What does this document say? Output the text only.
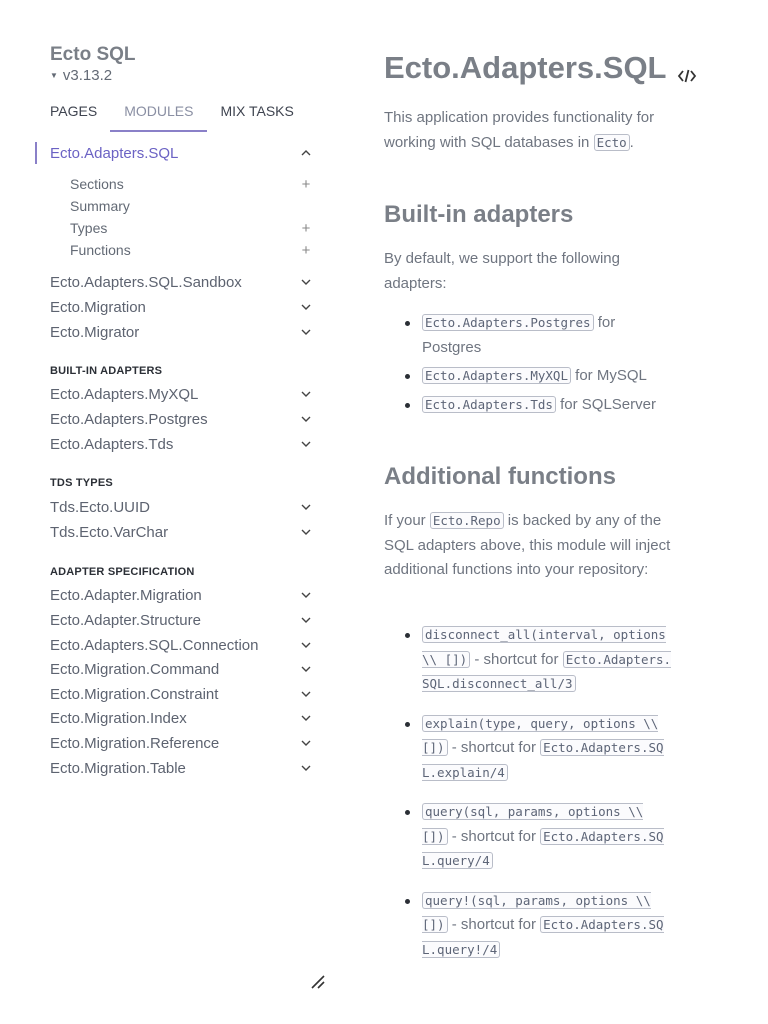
Ecto SQL
▼ v3.13.2
PAGES	MODULES	MIX TASKS
Ecto.Adapters.SQL
Sections	+
Summary
Types	+
Functions	+
Ecto.Adapters.SQL.Sandbox
Ecto.Migration
Ecto.Migrator
BUILT-IN ADAPTERS
Ecto.Adapters.MyXQL
Ecto.Adapters.Postgres
Ecto.Adapters.Tds
TDS TYPES
Tds.Ecto.UUID
Tds.Ecto.VarChar
ADAPTER SPECIFICATION
Ecto.Adapter.Migration
Ecto.Adapter.Structure
Ecto.Adapters.SQL.Connection
Ecto.Migration.Command
Ecto.Migration.Constraint
Ecto.Migration.Index
Ecto.Migration.Reference
Ecto.Migration.Table
Ecto.Adapters.SQL
This application provides functionality for working with SQL databases in Ecto .
Built-in adapters
By default, we support the following adapters:
Ecto.Adapters.Postgres for Postgres
Ecto.Adapters.MyXQL for MySQL
Ecto.Adapters.Tds for SQLServer
Additional functions
If your Ecto.Repo is backed by any of the SQL adapters above, this module will inject additional functions into your repository:
disconnect_all(interval, options \\ []) - shortcut for Ecto.Adapters.SQL.disconnect_all/3
explain(type, query, options \\ []) - shortcut for Ecto.Adapters.SQL.explain/4
query(sql, params, options \\ []) - shortcut for Ecto.Adapters.SQL.query/4
query!(sql, params, options \\ []) - shortcut for Ecto.Adapters.SQL.query!/4
